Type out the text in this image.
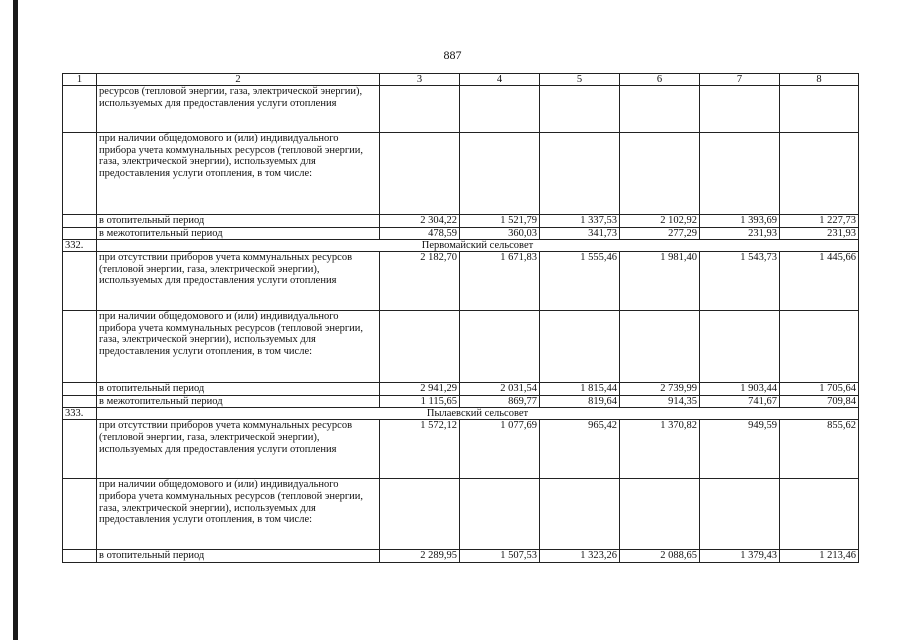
887
1	2	3	4	5	6	7	8
	ресурсов (тепловой энергии, газа, электрической энергии), используемых для предоставления услуги отопления						
	при наличии общедомового и (или) индивидуального прибора учета коммунальных ресурсов (тепловой энергии, газа, электрической энергии), используемых для предоставления услуги отопления, в том числе:						
	в отопительный период	2 304,22	1 521,79	1 337,53	2 102,92	1 393,69	1 227,73
	в межотопительный период	478,59	360,03	341,73	277,29	231,93	231,93
332.	Первомайский сельсовет						
	при отсутствии приборов учета коммунальных ресурсов (тепловой энергии, газа, электрической энергии), используемых для предоставления услуги отопления	2 182,70	1 671,83	1 555,46	1 981,40	1 543,73	1 445,66
	при наличии общедомового и (или) индивидуального прибора учета коммунальных ресурсов (тепловой энергии, газа, электрической энергии), используемых для предоставления услуги отопления, в том числе:						
	в отопительный период	2 941,29	2 031,54	1 815,44	2 739,99	1 903,44	1 705,64
	в межотопительный период	1 115,65	869,77	819,64	914,35	741,67	709,84
333.	Пылаевский сельсовет						
	при отсутствии приборов учета коммунальных ресурсов (тепловой энергии, газа, электрической энергии), используемых для предоставления услуги отопления	1 572,12	1 077,69	965,42	1 370,82	949,59	855,62
	при наличии общедомового и (или) индивидуального прибора учета коммунальных ресурсов (тепловой энергии, газа, электрической энергии), используемых для предоставления услуги отопления, в том числе:						
	в отопительный период	2 289,95	1 507,53	1 323,26	2 088,65	1 379,43	1 213,46
